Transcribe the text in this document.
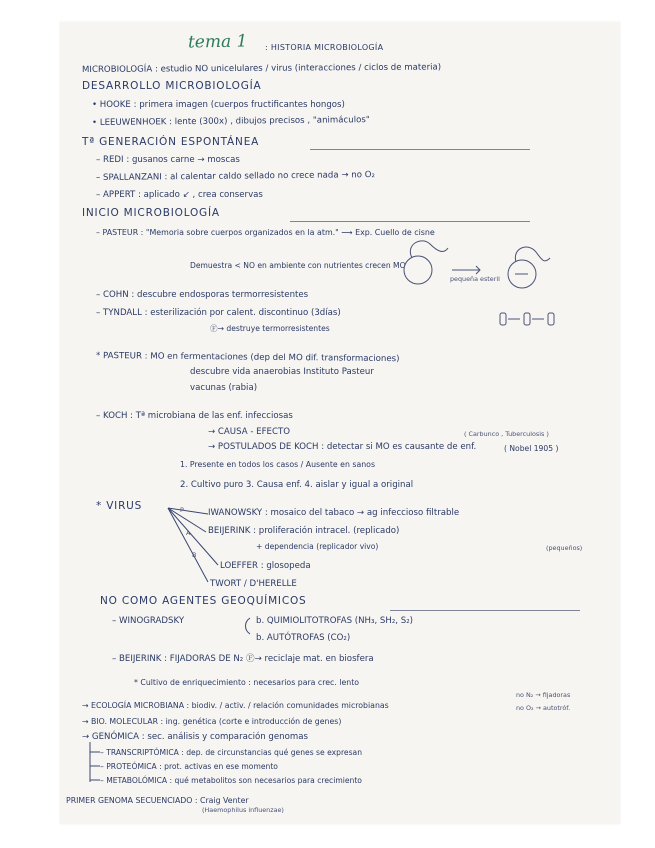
tema 1 : HISTORIA MICROBIOLOGÍA
MICROBIOLOGÍA : estudio NO unicelulares / virus (interacciones / ciclos de materia)
DESARROLLO MICROBIOLOGÍA
• HOOKE : primera imagen (cuerpos fructificantes hongos)
• LEEUWENHOEK : lente (300x) , dibujos precisos , "animáculos"
Tª GENERACIÓN ESPONTÁNEA
– REDI : gusanos carne → moscas
– SPALLANZANI : al calentar caldo sellado no crece nada → no O₂
– APPERT : aplicado ↙ , crea conservas
INICIO MICROBIOLOGÍA
– PASTEUR : "Memoria sobre cuerpos organizados en la atm." ⟶ Exp. Cuello de cisne
Demuestra < NO en ambiente con nutrientes crecen MO
– COHN : descubre endosporas termorresistentes
– TYNDALL : esterilización por calent. discontinuo (3días)
Ⓕ→ destruye termorresistentes
* PASTEUR : MO en fermentaciones (dep del MO dif. transformaciones)
descubre vida anaerobias Instituto Pasteur
vacunas (rabia)
– KOCH : Tª microbiana de las enf. infecciosas
→ CAUSA - EFECTO
→ POSTULADOS DE KOCH : detectar si MO es causante de enf.
1. Presente en todos los casos / Ausente en sanos
2. Cultivo puro 3. Causa enf. 4. aislar y igual a original
* VIRUS
IWANOWSKY : mosaico del tabaco → ag infeccioso filtrable
BEIJERINK : proliferación intracel. (replicado)
+ dependencia (replicador vivo)
LOEFFER : glosopeda
TWORT / D'HERELLE
NO COMO AGENTES GEOQUÍMICOS
– WINOGRADSKY	b. QUIMIOLITOTROFAS (NH₃, SH₂, S₂)
b. AUTÓTROFAS (CO₂)
– BEIJERINK : FIJADORAS DE N₂ Ⓕ→ reciclaje mat. en biosfera
* Cultivo de enriquecimiento : necesarios para crec. lento
→ ECOLOGÍA MICROBIANA : biodiv. / activ. / relación comunidades microbianas
→ BIO. MOLECULAR : ing. genética (corte e introducción de genes)
→ GENÓMICA : sec. análisis y comparación genomas
– TRANSCRIPTÓMICA : dep. de circunstancias qué genes se expresan
– PROTEÓMICA : prot. activas en ese momento
– METABOLÓMICA : qué metabolitos son necesarios para crecimiento
PRIMER GENOMA SECUENCIADO : Craig Venter
pequeña esteril
( Carbunco , Tuberculosis )
( Nobel 1905 )
(pequeños)
no N₂ → fijadoras
no O₂ → autotróf.
(Haemophilus influenzae)
P
A
B
